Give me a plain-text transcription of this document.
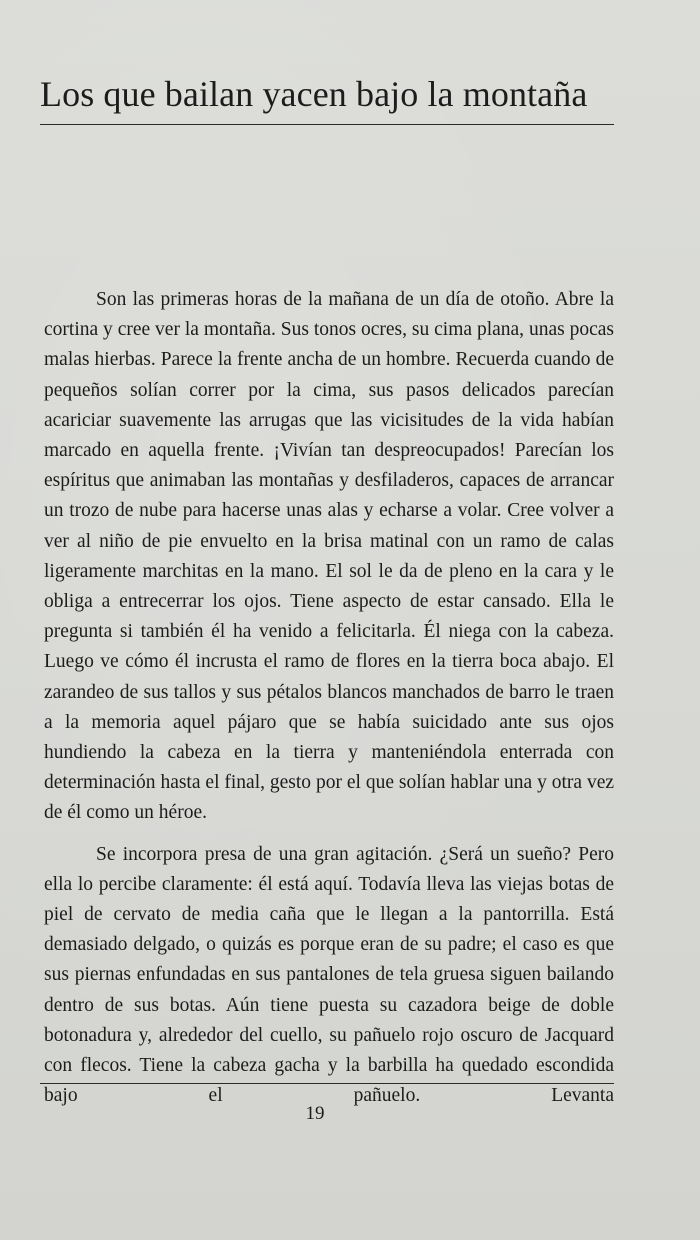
Los que bailan yacen bajo la montaña

Son las primeras horas de la mañana de un día de otoño. Abre la cortina y cree ver la montaña. Sus tonos ocres, su cima plana, unas pocas malas hierbas. Parece la frente ancha de un hombre. Recuerda cuando de pequeños solían correr por la cima, sus pasos delicados parecían acariciar suavemente las arrugas que las vicisitudes de la vida habían marcado en aquella frente. ¡Vivían tan despreocupados! Parecían los espíritus que animaban las montañas y desfiladeros, capaces de arrancar un trozo de nube para hacerse unas alas y echarse a volar. Cree volver a ver al niño de pie envuelto en la brisa matinal con un ramo de calas ligeramente marchitas en la mano. El sol le da de pleno en la cara y le obliga a entrecerrar los ojos. Tiene aspecto de estar cansado. Ella le pregunta si también él ha venido a felicitarla. Él niega con la cabeza. Luego ve cómo él incrusta el ramo de flores en la tierra boca abajo. El zarandeo de sus tallos y sus pétalos blancos manchados de barro le traen a la memoria aquel pájaro que se había suicidado ante sus ojos hundiendo la cabeza en la tierra y manteniéndola enterrada con determinación hasta el final, gesto por el que solían hablar una y otra vez de él como un héroe.

Se incorpora presa de una gran agitación. ¿Será un sueño? Pero ella lo percibe claramente: él está aquí. Todavía lleva las viejas botas de piel de cervato de media caña que le llegan a la pantorrilla. Está demasiado delgado, o quizás es porque eran de su padre; el caso es que sus piernas enfundadas en sus pantalones de tela gruesa siguen bailando dentro de sus botas. Aún tiene puesta su cazadora beige de doble botonadura y, alrededor del cuello, su pañuelo rojo oscuro de Jacquard con flecos. Tiene la cabeza gacha y la barbilla ha quedado escondida bajo el pañuelo. Levanta

19
